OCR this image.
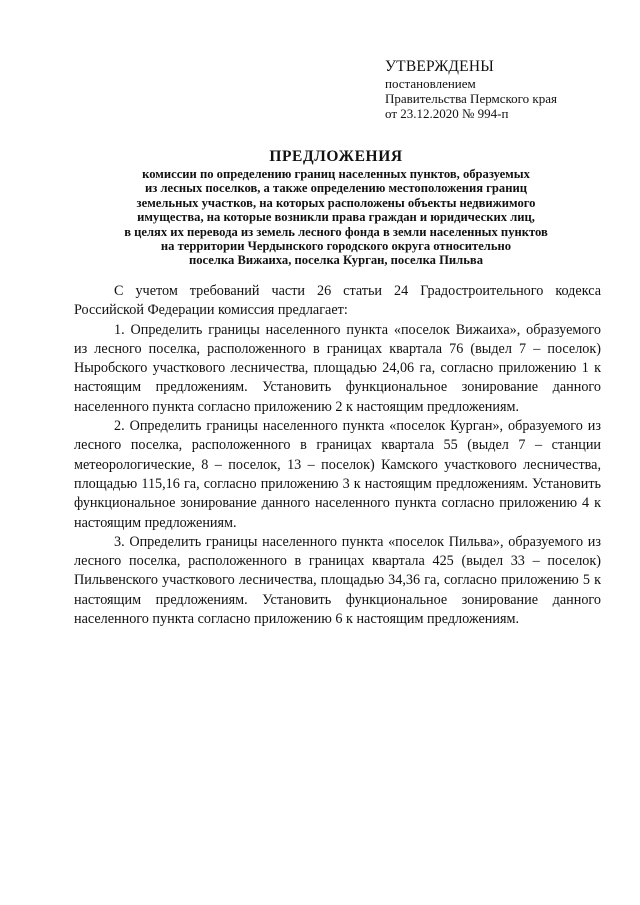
УТВЕРЖДЕНЫ
постановлением
Правительства Пермского края
от 23.12.2020 № 994-п
ПРЕДЛОЖЕНИЯ
комиссии по определению границ населенных пунктов, образуемых
из лесных поселков, а также определению местоположения границ
земельных участков, на которых расположены объекты недвижимого
имущества, на которые возникли права граждан и юридических лиц,
в целях их перевода из земель лесного фонда в земли населенных пунктов
на территории Чердынского городского округа относительно
поселка Вижаиха, поселка Курган, поселка Пильва

С учетом требований части 26 статьи 24 Градостроительного кодекса Российской Федерации комиссия предлагает:

1. Определить границы населенного пункта «поселок Вижаиха», образуемого из лесного поселка, расположенного в границах квартала 76 (выдел 7 – поселок) Ныробского участкового лесничества, площадью 24,06 га, согласно приложению 1 к настоящим предложениям. Установить функциональное зонирование данного населенного пункта согласно приложению 2 к настоящим предложениям.

2. Определить границы населенного пункта «поселок Курган», образуемого из лесного поселка, расположенного в границах квартала 55 (выдел 7 – станции метеорологические, 8 – поселок, 13 – поселок) Камского участкового лесничества, площадью 115,16 га, согласно приложению 3 к настоящим предложениям. Установить функциональное зонирование данного населенного пункта согласно приложению 4 к настоящим предложениям.

3. Определить границы населенного пункта «поселок Пильва», образуемого из лесного поселка, расположенного в границах квартала 425 (выдел 33 – поселок) Пильвенского участкового лесничества, площадью 34,36 га, согласно приложению 5 к настоящим предложениям. Установить функциональное зонирование данного населенного пункта согласно приложению 6 к настоящим предложениям.
